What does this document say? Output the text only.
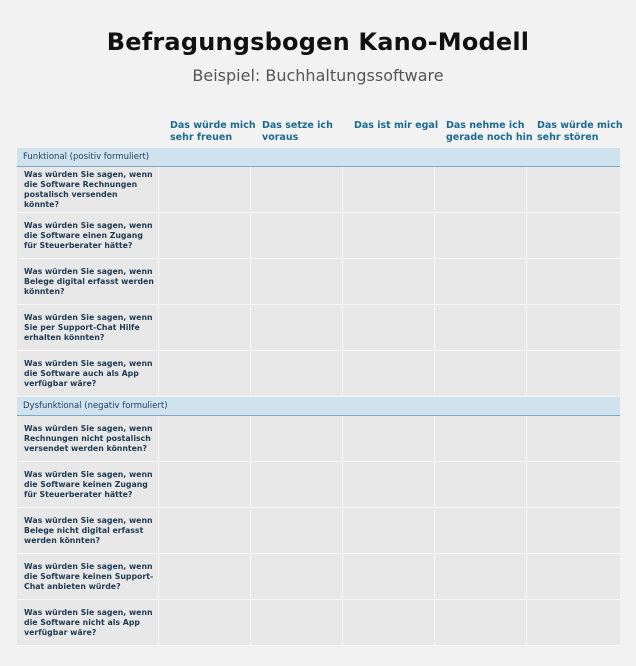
Befragungsbogen Kano-Modell
Beispiel: Buchhaltungssoftware
Das würde mich sehr freuen
Das setze ich voraus
Das ist mir egal Das nehme ich gerade noch hin
Das würde mich sehr stören
Funktional (positiv formuliert)
Was würden Sie sagen, wenn die Software Rechnungen postalisch versenden könnte?
Was würden Sie sagen, wenn die Software einen Zugang für Steuerberater hätte?
Was würden Sie sagen, wenn Belege digital erfasst werden könnten?
Was würden Sie sagen, wenn Sie per Support-Chat Hilfe erhalten könnten?
Was würden Sie sagen, wenn die Software auch als App verfügbar wäre?
Dysfunktional (negativ formuliert)
Was würden Sie sagen, wenn Rechnungen nicht postalisch versendet werden könnten?
Was würden Sie sagen, wenn die Software keinen Zugang für Steuerberater hätte?
Was würden Sie sagen, wenn Belege nicht digital erfasst werden könnten?
Was würden Sie sagen, wenn die Software keinen Support-Chat anbieten würde?
Was würden Sie sagen, wenn die Software nicht als App verfügbar wäre?
